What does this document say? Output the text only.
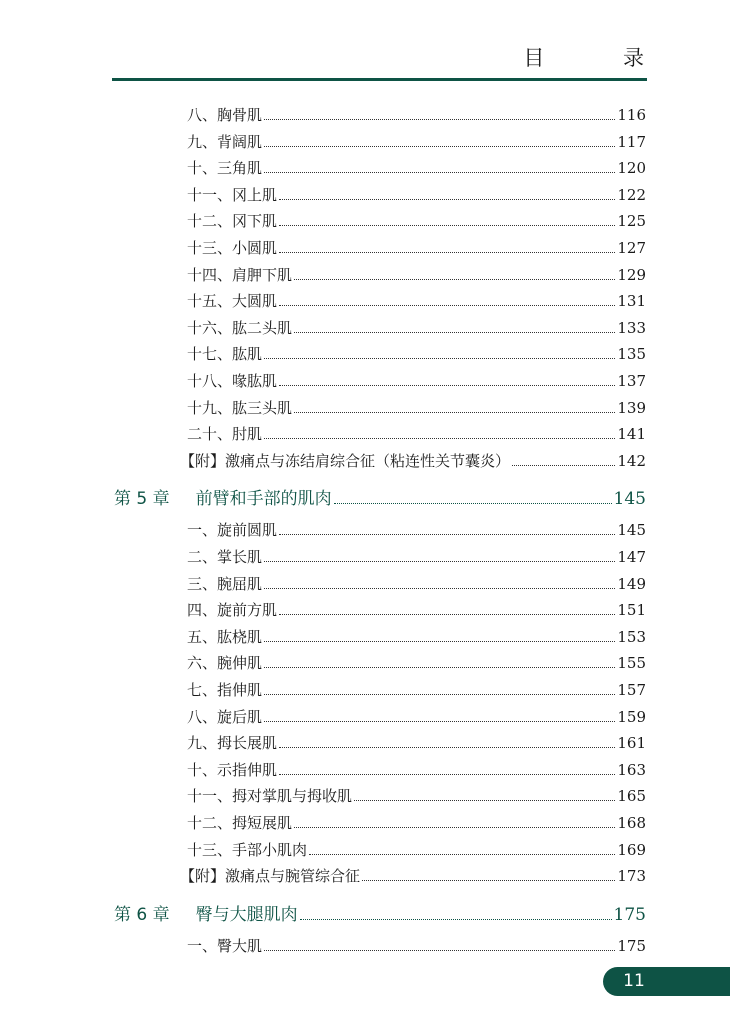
目 录
八、胸骨肌	116
九、背阔肌	117
十、三角肌	120
十一、冈上肌	122
十二、冈下肌	125
十三、小圆肌	127
十四、肩胛下肌	129
十五、大圆肌	131
十六、肱二头肌	133
十七、肱肌	135
十八、喙肱肌	137
十九、肱三头肌	139
二十、肘肌	141
【附】激痛点与冻结肩综合征（粘连性关节囊炎）	142
第 5 章 前臂和手部的肌肉	145
一、旋前圆肌	145
二、掌长肌	147
三、腕屈肌	149
四、旋前方肌	151
五、肱桡肌	153
六、腕伸肌	155
七、指伸肌	157
八、旋后肌	159
九、拇长展肌	161
十、示指伸肌	163
十一、拇对掌肌与拇收肌	165
十二、拇短展肌	168
十三、手部小肌肉	169
【附】激痛点与腕管综合征	173
第 6 章 臀与大腿肌肉	175
一、臀大肌	175
11
